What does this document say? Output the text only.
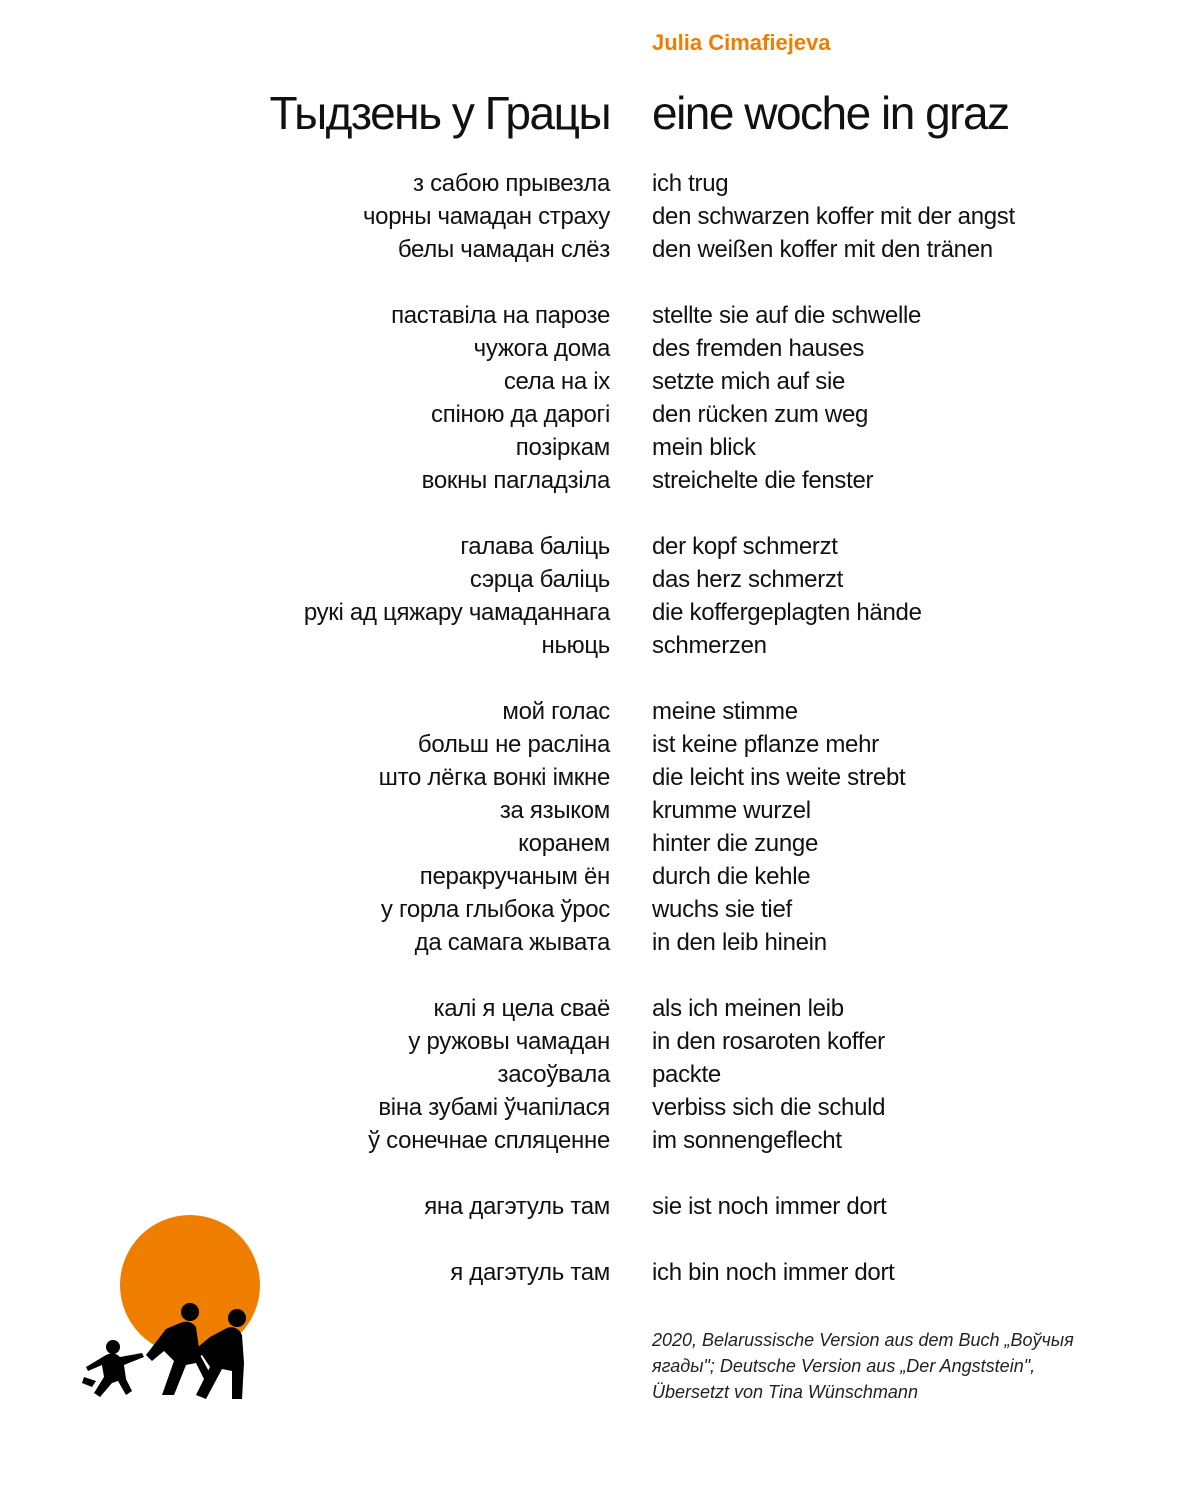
Julia Cimafiejeva
Тыдзень у Грацы eine woche in graz
з сабою прывезла
чорны чамадан страху
белы чамадан слёз
паставіла на парозе
чужога дома
села на іх
спіною да дарогі
позіркам
вокны пагладзіла
галава баліць
сэрца баліць
рукі ад цяжару чамаданнага
ньюць
мой голас
больш не расліна
што лёгка вонкі імкне
за языком
коранем
перакручаным ён
у горла глыбока ўрос
да самага жывата
калі я цела сваё
у ружовы чамадан
засоўвала
віна зубамі ўчапілася
ў сонечнае спляценне
яна дагэтуль там
я дагэтуль там
ich trug
den schwarzen koffer mit der angst
den weißen koffer mit den tränen
stellte sie auf die schwelle
des fremden hauses
setzte mich auf sie
den rücken zum weg
mein blick
streichelte die fenster
der kopf schmerzt
das herz schmerzt
die koffergeplagten hände
schmerzen
meine stimme
ist keine pflanze mehr
die leicht ins weite strebt
krumme wurzel
hinter die zunge
durch die kehle
wuchs sie tief
in den leib hinein
als ich meinen leib
in den rosaroten koffer
packte
verbiss sich die schuld
im sonnengeflecht
sie ist noch immer dort
ich bin noch immer dort

2020, Belarussische Version aus dem Buch „Воўчыя

ягады"; Deutsche Version aus „Der Angststein",

Übersetzt von Tina Wünschmann
